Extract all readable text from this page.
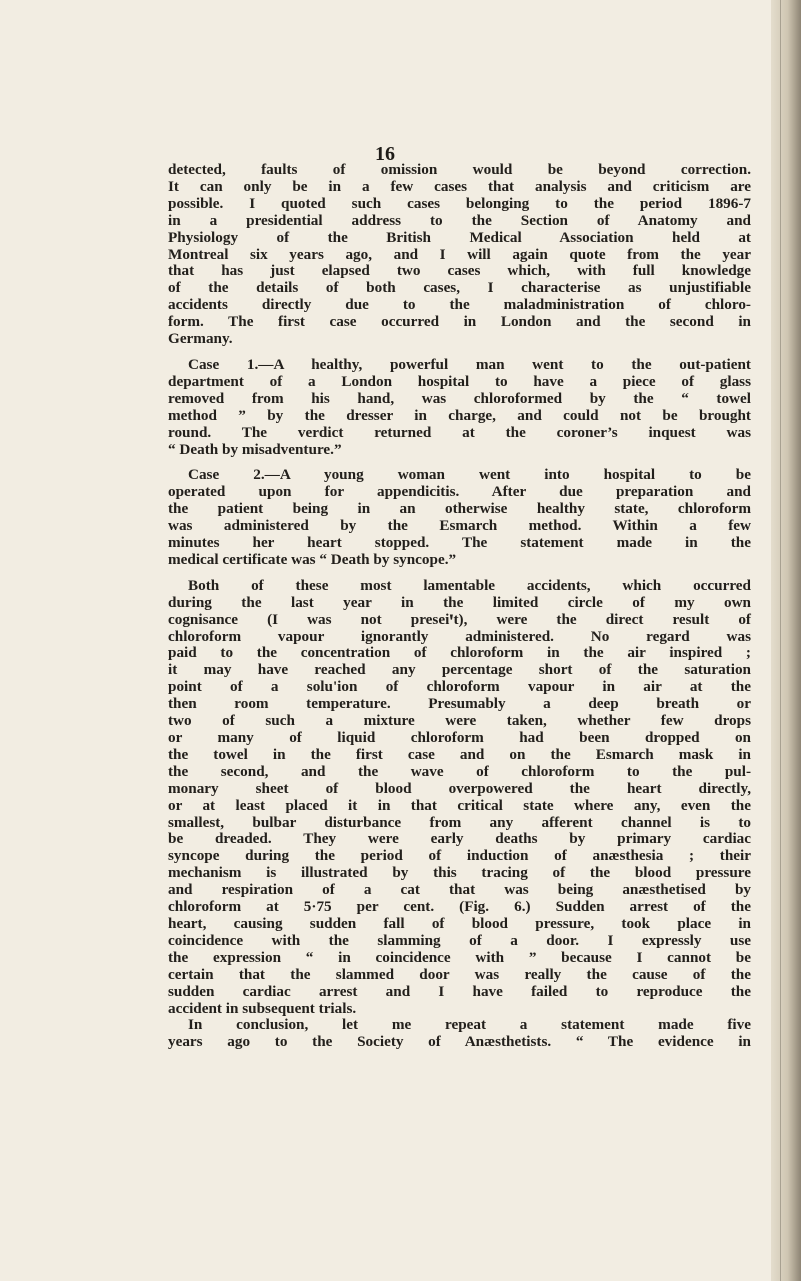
16
detected, faults of omission would be beyond correction.
It can only be in a few cases that analysis and criticism are
possible. I quoted such cases belonging to the period 1896-7
in a presidential address to the Section of Anatomy and
Physiology of the British Medical Association held at
Montreal six years ago, and I will again quote from the year
that has just elapsed two cases which, with full knowledge
of the details of both cases, I characterise as unjustifiable
accidents directly due to the maladministration of chloro-
form. The first case occurred in London and the second in
Germany.
Case 1.—A healthy, powerful man went to the out-patient
department of a London hospital to have a piece of glass
removed from his hand, was chloroformed by the “ towel
method ” by the dresser in charge, and could not be brought
round. The verdict returned at the coroner’s inquest was
“ Death by misadventure.”
Case 2.—A young woman went into hospital to be
operated upon for appendicitis. After due preparation and
the patient being in an otherwise healthy state, chloroform
was administered by the Esmarch method. Within a few
minutes her heart stopped. The statement made in the
medical certificate was “ Death by syncope.”
Both of these most lamentable accidents, which occurred
during the last year in the limited circle of my own
cognisance (I was not preseiꞌt), were the direct result of
chloroform vapour ignorantly administered. No regard was
paid to the concentration of chloroform in the air inspired ;
it may have reached any percentage short of the saturation
point of a solu'ion of chloroform vapour in air at the
then room temperature. Presumably a deep breath or
two of such a mixture were taken, whether few drops
or many of liquid chloroform had been dropped on
the towel in the first case and on the Esmarch mask in
the second, and the wave of chloroform to the pul-
monary sheet of blood overpowered the heart directly,
or at least placed it in that critical state where any, even the
smallest, bulbar disturbance from any afferent channel is to
be dreaded. They were early deaths by primary cardiac
syncope during the period of induction of anæsthesia ; their
mechanism is illustrated by this tracing of the blood pressure
and respiration of a cat that was being anæsthetised by
chloroform at 5·75 per cent. (Fig. 6.) Sudden arrest of the
heart, causing sudden fall of blood pressure, took place in
coincidence with the slamming of a door. I expressly use
the expression “ in coincidence with ” because I cannot be
certain that the slammed door was really the cause of the
sudden cardiac arrest and I have failed to reproduce the
accident in subsequent trials.
In conclusion, let me repeat a statement made five
years ago to the Society of Anæsthetists. “ The evidence in
